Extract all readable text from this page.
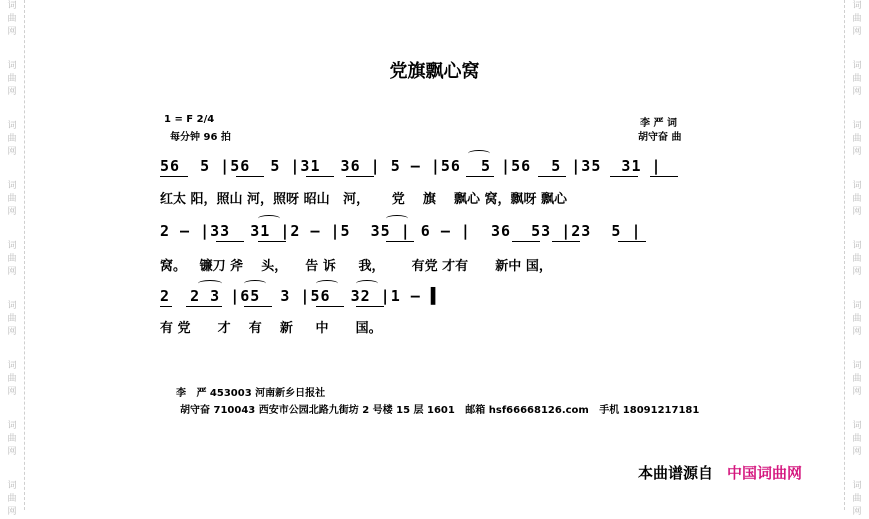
词
曲
网
词
曲
网
词
曲
网
词
曲
网
词
曲
网
词
曲
网
词
曲
网
词
曲
网
词
曲
网
词
曲
网
词
曲
网
词
曲
网
词
曲
网
词
曲
网
词
曲
网
词
曲
网
词
曲
网
词
曲
网
党旗飘心窝
1 = F 2/4
每分钟 96 拍
李 严 词
胡守奋 曲
56  5 |56  5 |31  36 | 5 — |56  5 |56  5 |35  31 |
红太 阳，照山 河，照呀 昭山   河，     党    旗    飘心 窝，飘呀 飘心
2 — |33  31 |2 — |5  35 | 6 — |  36  53 |23  5 |
窝。   镰刀 斧    头，    告 诉     我，      有党 才有      新中 国，
2  2 3 |65  3 |56  32 |1 — ▌
有 党      才    有    新     中      国。
李   严 453003 河南新乡日报社
胡守奋 710043 西安市公园北路九街坊 2 号楼 15 层 1601   邮箱 hsf66668126.com   手机 18091217181
本曲谱源自 中国词曲网
